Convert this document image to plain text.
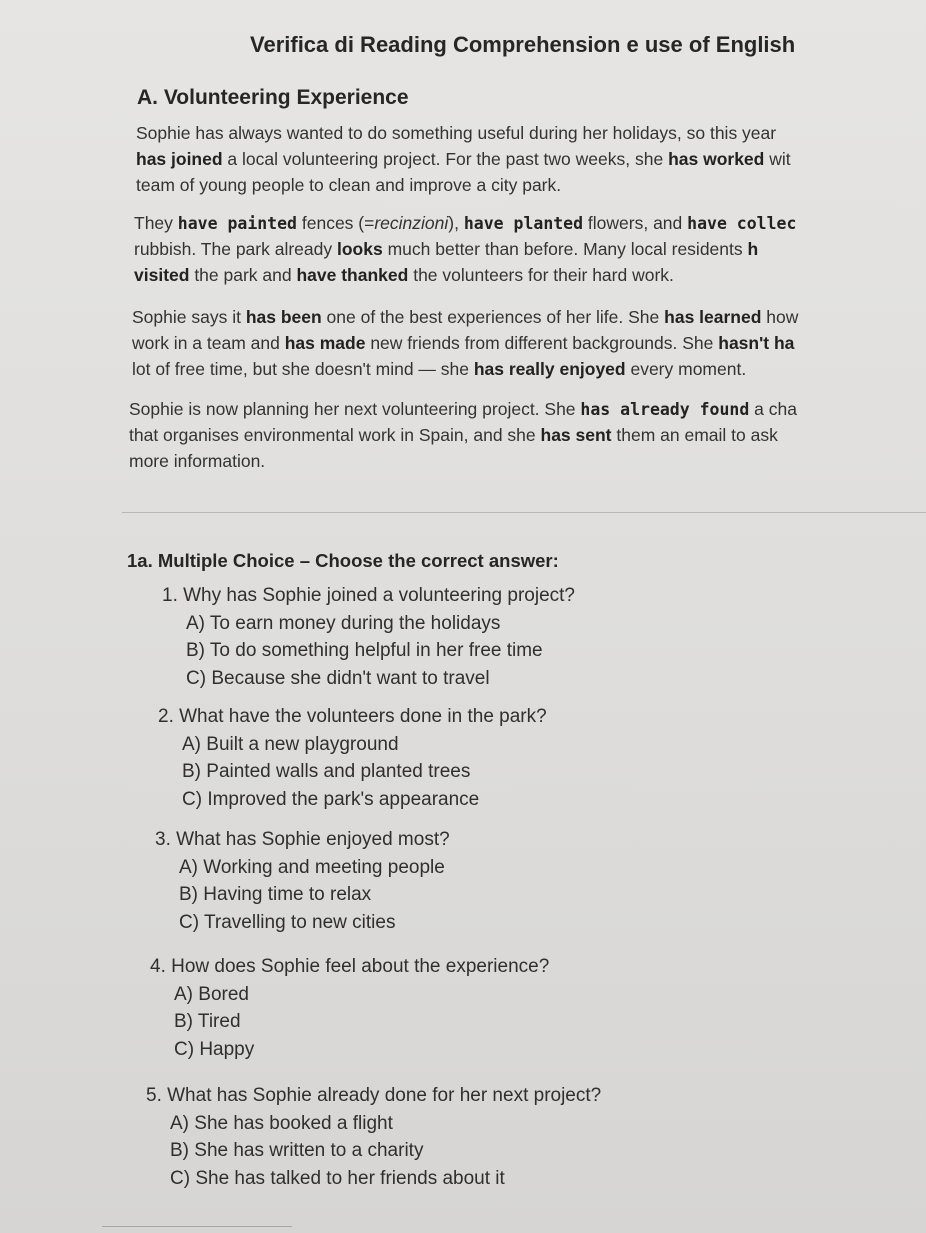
Verifica di Reading Comprehension e use of English
A. Volunteering Experience
Sophie has always wanted to do something useful during her holidays, so this year
has joined a local volunteering project. For the past two weeks, she has worked wit
team of young people to clean and improve a city park.
They have painted fences (=recinzioni), have planted flowers, and have collec
rubbish. The park already looks much better than before. Many local residents h
visited the park and have thanked the volunteers for their hard work.
Sophie says it has been one of the best experiences of her life. She has learned how
work in a team and has made new friends from different backgrounds. She hasn't ha
lot of free time, but she doesn't mind — she has really enjoyed every moment.
Sophie is now planning her next volunteering project. She has already found a cha
that organises environmental work in Spain, and she has sent them an email to ask
more information.
1a. Multiple Choice – Choose the correct answer:
1. Why has Sophie joined a volunteering project?
A) To earn money during the holidays
B) To do something helpful in her free time
C) Because she didn't want to travel
2. What have the volunteers done in the park?
A) Built a new playground
B) Painted walls and planted trees
C) Improved the park's appearance
3. What has Sophie enjoyed most?
A) Working and meeting people
B) Having time to relax
C) Travelling to new cities
4. How does Sophie feel about the experience?
A) Bored
B) Tired
C) Happy
5. What has Sophie already done for her next project?
A) She has booked a flight
B) She has written to a charity
C) She has talked to her friends about it
